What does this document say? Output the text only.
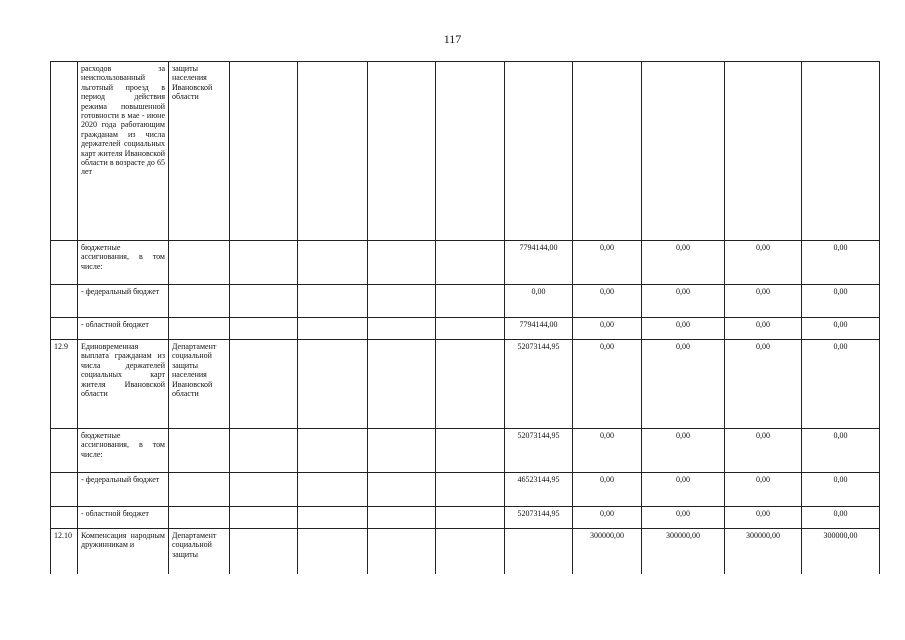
117
	расходов за неиспользованный льготный проезд в период действия режима повышенной готовности в мае - июне 2020 года работающим гражданам из числа держателей социальных карт жителя Ивановской области в возрасте до 65 лет	защиты населения Ивановской области									
	бюджетные ассигнования, в том числе:						7794144,00	0,00	0,00	0,00	0,00
	- федеральный бюджет						0,00	0,00	0,00	0,00	0,00
	- областной бюджет						7794144,00	0,00	0,00	0,00	0,00
12.9	Единовременная выплата гражданам из числа держателей социальных карт жителя Ивановской области	Департамент социальной защиты населения Ивановской области					52073144,95	0,00	0,00	0,00	0,00
	бюджетные ассигнования, в том числе:						52073144,95	0,00	0,00	0,00	0,00
	- федеральный бюджет						46523144,95	0,00	0,00	0,00	0,00
	- областной бюджет						52073144,95	0,00	0,00	0,00	0,00
12.10	Компенсация народным дружинникам и	Департамент социальной защиты						300000,00	300000,00	300000,00	300000,00
